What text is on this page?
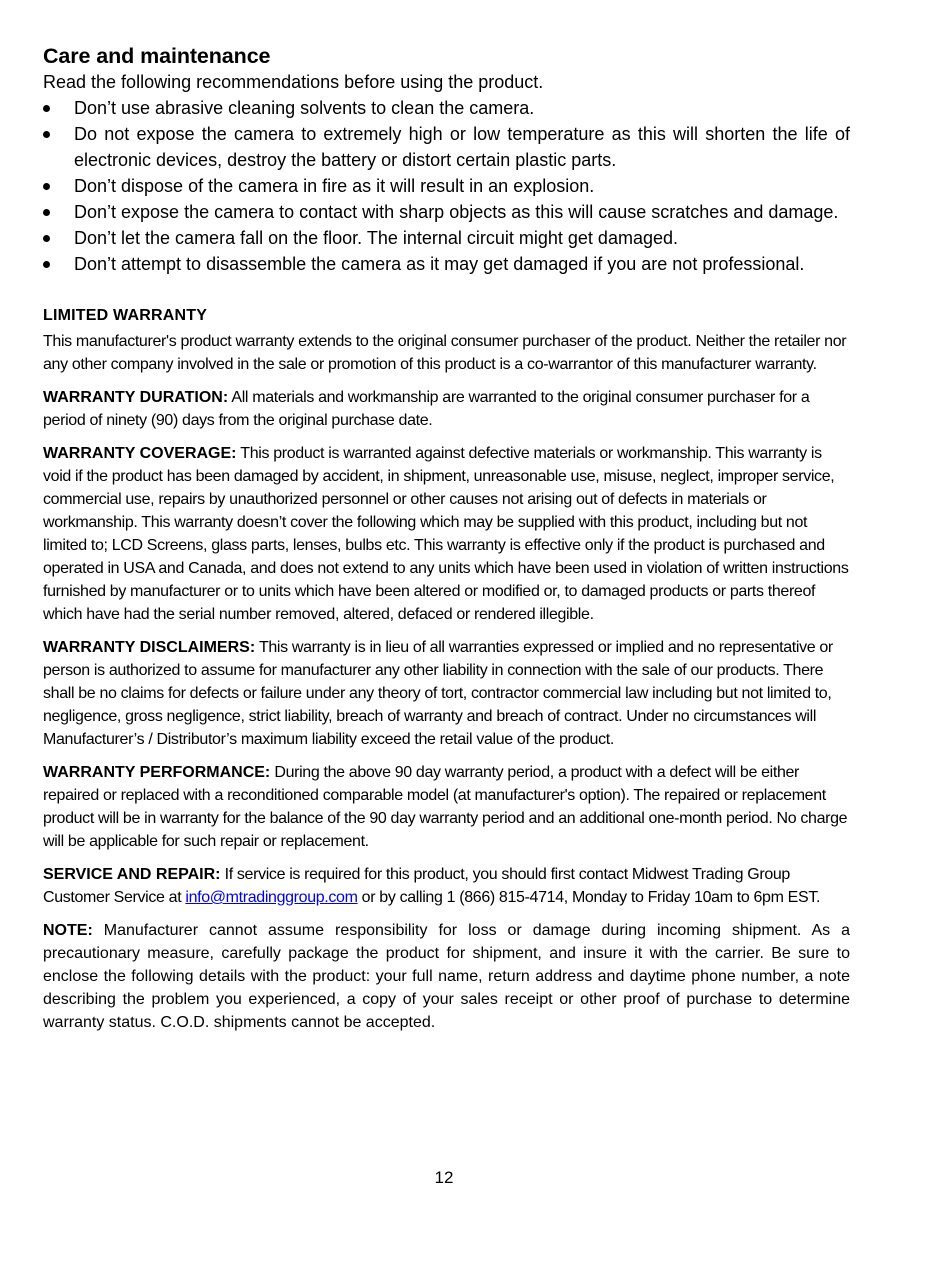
Care and maintenance

Read the following recommendations before using the product.

Don’t use abrasive cleaning solvents to clean the camera.
Do not expose the camera to extremely high or low temperature as this will shorten the life of electronic devices, destroy the battery or distort certain plastic parts.
Don’t dispose of the camera in fire as it will result in an explosion.
Don’t expose the camera to contact with sharp objects as this will cause scratches and damage.
Don’t let the camera fall on the floor. The internal circuit might get damaged.
Don’t attempt to disassemble the camera as it may get damaged if you are not professional.
LIMITED WARRANTY

This manufacturer's product warranty extends to the original consumer purchaser of the product. Neither the retailer nor any other company involved in the sale or promotion of this product is a co-warrantor of this manufacturer warranty.

WARRANTY DURATION: All materials and workmanship are warranted to the original consumer purchaser for a period of ninety (90) days from the original purchase date.

WARRANTY COVERAGE: This product is warranted against defective materials or workmanship. This warranty is void if the product has been damaged by accident, in shipment, unreasonable use, misuse, neglect, improper service, commercial use, repairs by unauthorized personnel or other causes not arising out of defects in materials or workmanship. This warranty doesn’t cover the following which may be supplied with this product, including but not limited to; LCD Screens, glass parts, lenses, bulbs etc. This warranty is effective only if the product is purchased and operated in USA and Canada, and does not extend to any units which have been used in violation of written instructions furnished by manufacturer or to units which have been altered or modified or, to damaged products or parts thereof which have had the serial number removed, altered, defaced or rendered illegible.

WARRANTY DISCLAIMERS: This warranty is in lieu of all warranties expressed or implied and no representative or person is authorized to assume for manufacturer any other liability in connection with the sale of our products. There shall be no claims for defects or failure under any theory of tort, contractor commercial law including but not limited to, negligence, gross negligence, strict liability, breach of warranty and breach of contract. Under no circumstances will Manufacturer’s / Distributor’s maximum liability exceed the retail value of the product.

WARRANTY PERFORMANCE: During the above 90 day warranty period, a product with a defect will be either repaired or replaced with a reconditioned comparable model (at manufacturer's option). The repaired or replacement product will be in warranty for the balance of the 90 day warranty period and an additional one-month period. No charge will be applicable for such repair or replacement.

SERVICE AND REPAIR: If service is required for this product, you should first contact Midwest Trading Group Customer Service at info@mtradinggroup.com or by calling 1 (866) 815-4714, Monday to Friday 10am to 6pm EST.

NOTE: Manufacturer cannot assume responsibility for loss or damage during incoming shipment. As a precautionary measure, carefully package the product for shipment, and insure it with the carrier. Be sure to enclose the following details with the product: your full name, return address and daytime phone number, a note describing the problem you experienced, a copy of your sales receipt or other proof of purchase to determine warranty status. C.O.D. shipments cannot be accepted.

12
